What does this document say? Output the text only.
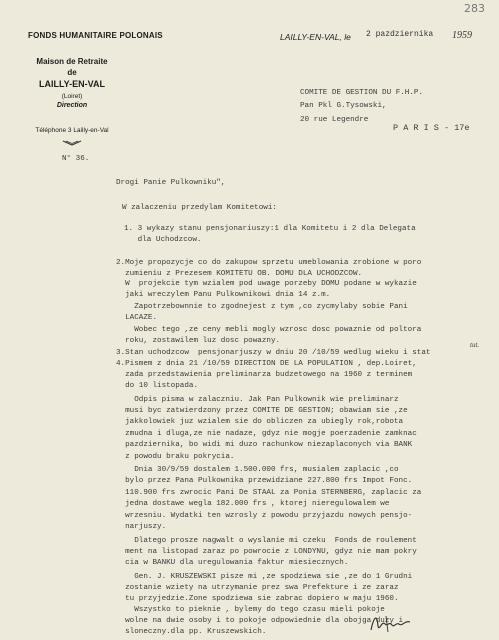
283
FONDS HUMANITAIRE POLONAIS
Maison de Retraite
de
LAILLY-EN-VAL
(Loiret)
Direction
Téléphone 3 Lailly-en-Val
LAILLY-EN-VAL, le 2 pazdziernika 1959
N° 36.
COMITE DE GESTION DU F.H.P.
Pan Pkl G.Tysowski,
20 rue Legendre
P A R I S - 17e
Drogi Panie Pulkowniku",
W zalaczeniu przedylam Komitetowi:
1. 3 wykazy stanu pensjonariuszy:1 dla Komitetu i 2 dla Delegata
dla Uchodzcow.
2.Moje propozycje co do zakupow sprzetu umeblowania zrobione w poro
zumieniu z Prezesem KOMITETU OB. DOMU DLA UCHODZCOW.
W  projekcie tym wzialem pod uwage porzeby DOMU podane w wykazie
jaki wreczylem Panu Pulkownikowi dnia 14 z.m.
Zapotrzebownnie to zgodnejest z tym ,co zycmylaby sobie Pani
LACAZE.
Wobec tego ,ze ceny mebli mogly wzrosc dosc powaznie od poltora
roku, zostawilem luz dosc powazny.
3.Stan uchodzcow  pensjonarjuszy w dniu 20 /10/59 wedlug wieku i stat
tut.
4.Pismem z dnia 21 /10/59 DIRECTION DE LA POPULATION , dep.Loiret,
zada przedstawienia preliminarza budzetowego na 1960 z terminem
do 10 listopada.
Odpis pisma w zalaczniu. Jak Pan Pulkownik wie preliminarz
musi byc zatwierdzony przez COMITE DE GESTION; obawiam sie ,ze
jakkolowiek juz wzialem sie do obliczen za ubiegly rok,robota
zmudna i dluga,ze nie nadaze, gdyz nie mogje poerzadenie zamknac
pazdziernika, bo widi mi duzo rachunkow niezaplaconych via BANK
z powodu braku pokrycia.
Dnia 30/9/59 dostalem 1.500.000 frs, musialem zaplacic ,co
bylo przez Pana Pulkownika przewidziane 227.800 frs Impot Fonc.
110.900 frs zwrocic Pani De STAAL za Ponia STERNBERG, zaplacic za
jedna dostawe wegla 182.000 frs , ktorej nieregulowalem we
wrzesniu. Wydatki ten wzrosly z powodu przyjazdu nowych pensjo-
narjuszy.
Dlatego prosze nagwalt o wyslanie mi czeku  Fonds de roulement
ment na listopad zaraz po powrocie z LONDYNU, gdyz nie mam pokry
cia w BANKU dla uregulowania faktur miesiecznych.
Gen. J. KRUSZEWSKI pisze mi ,ze spodziewa sie ,ze do 1 Grudni
zostanie wziety na utrzymanie prez swa Prefekture i ze zaraz
tu przyjedzie.Zone spodziewa sie zabrac dopiero w maju 1960.
Wszystko to pieknie , bylemy do tego czasu mieli pokoje
wolne na dwie osoby i to pokoje odpowiednie dla obojga duzy i
sloneczny.dla pp. Kruszewskich.
